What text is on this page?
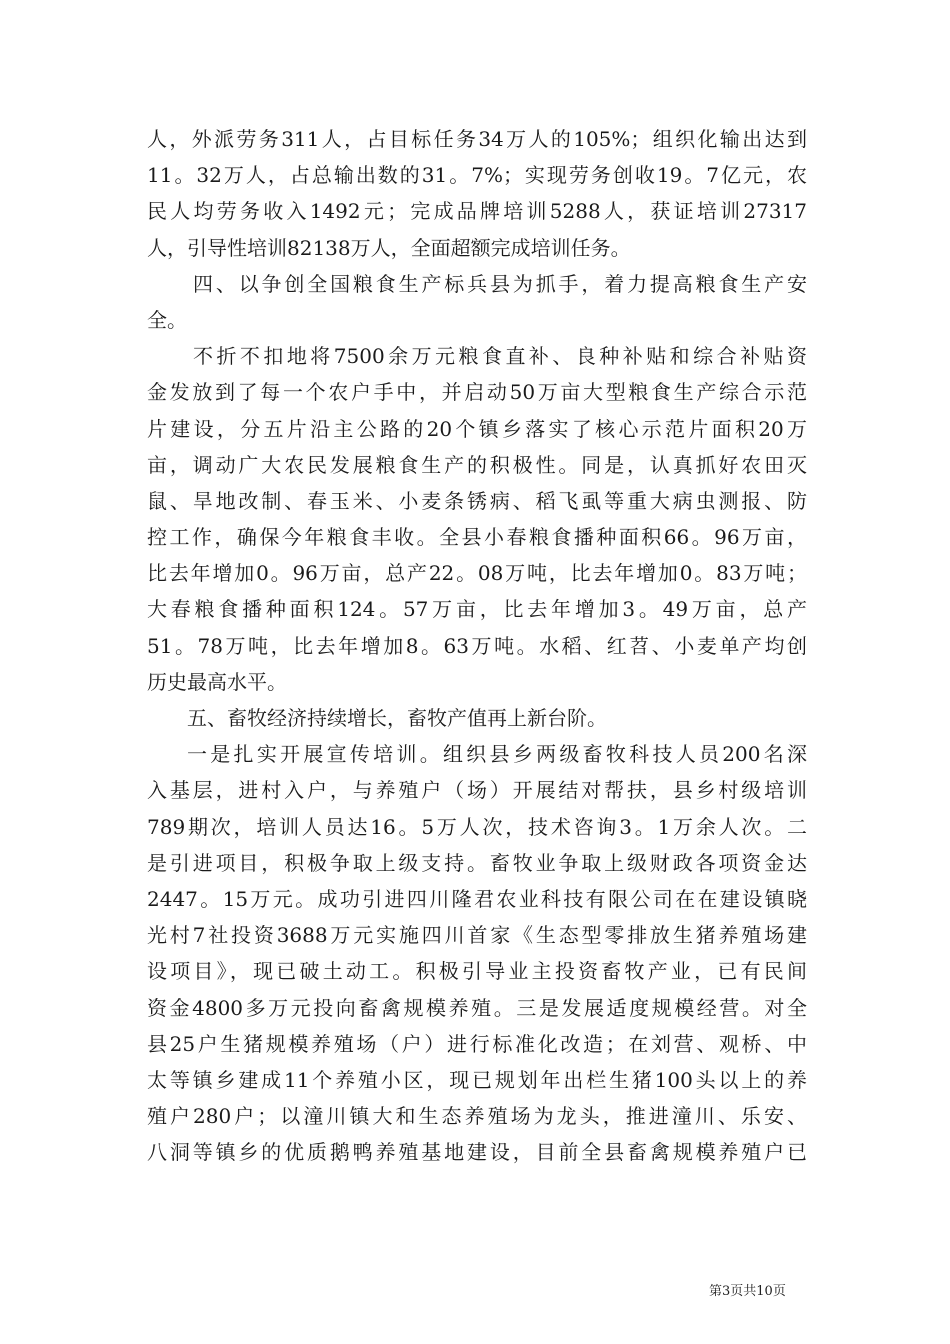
人，外派劳务311人，占目标任务34万人的105%；组织化输出达到
11。32万人，占总输出数的31。7%；实现劳务创收19。7亿元，农
民人均劳务收入1492元；完成品牌培训5288人，获证培训27317
人，引导性培训82138万人，全面超额完成培训任务。
四、以争创全国粮食生产标兵县为抓手，着力提高粮食生产安
全。
不折不扣地将7500余万元粮食直补、良种补贴和综合补贴资
金发放到了每一个农户手中，并启动50万亩大型粮食生产综合示范
片建设，分五片沿主公路的20个镇乡落实了核心示范片面积20万
亩，调动广大农民发展粮食生产的积极性。同是，认真抓好农田灭
鼠、旱地改制、春玉米、小麦条锈病、稻飞虱等重大病虫测报、防
控工作，确保今年粮食丰收。全县小春粮食播种面积66。96万亩，
比去年增加0。96万亩，总产22。08万吨，比去年增加0。83万吨；
大春粮食播种面积124。57万亩，比去年增加3。49万亩，总产
51。78万吨，比去年增加8。63万吨。水稻、红苕、小麦单产均创
历史最高水平。
五、畜牧经济持续增长，畜牧产值再上新台阶。
一是扎实开展宣传培训。组织县乡两级畜牧科技人员200名深
入基层，进村入户，与养殖户（场）开展结对帮扶，县乡村级培训
789期次，培训人员达16。5万人次，技术咨询3。1万余人次。二
是引进项目，积极争取上级支持。畜牧业争取上级财政各项资金达
2447。15万元。成功引进四川隆君农业科技有限公司在在建设镇晓
光村7社投资3688万元实施四川首家《生态型零排放生猪养殖场建
设项目》，现已破土动工。积极引导业主投资畜牧产业，已有民间
资金4800多万元投向畜禽规模养殖。三是发展适度规模经营。对全
县25户生猪规模养殖场（户）进行标准化改造；在刘营、观桥、中
太等镇乡建成11个养殖小区，现已规划年出栏生猪100头以上的养
殖户280户；以潼川镇大和生态养殖场为龙头，推进潼川、乐安、
八洞等镇乡的优质鹅鸭养殖基地建设，目前全县畜禽规模养殖户已
第3页共10页
